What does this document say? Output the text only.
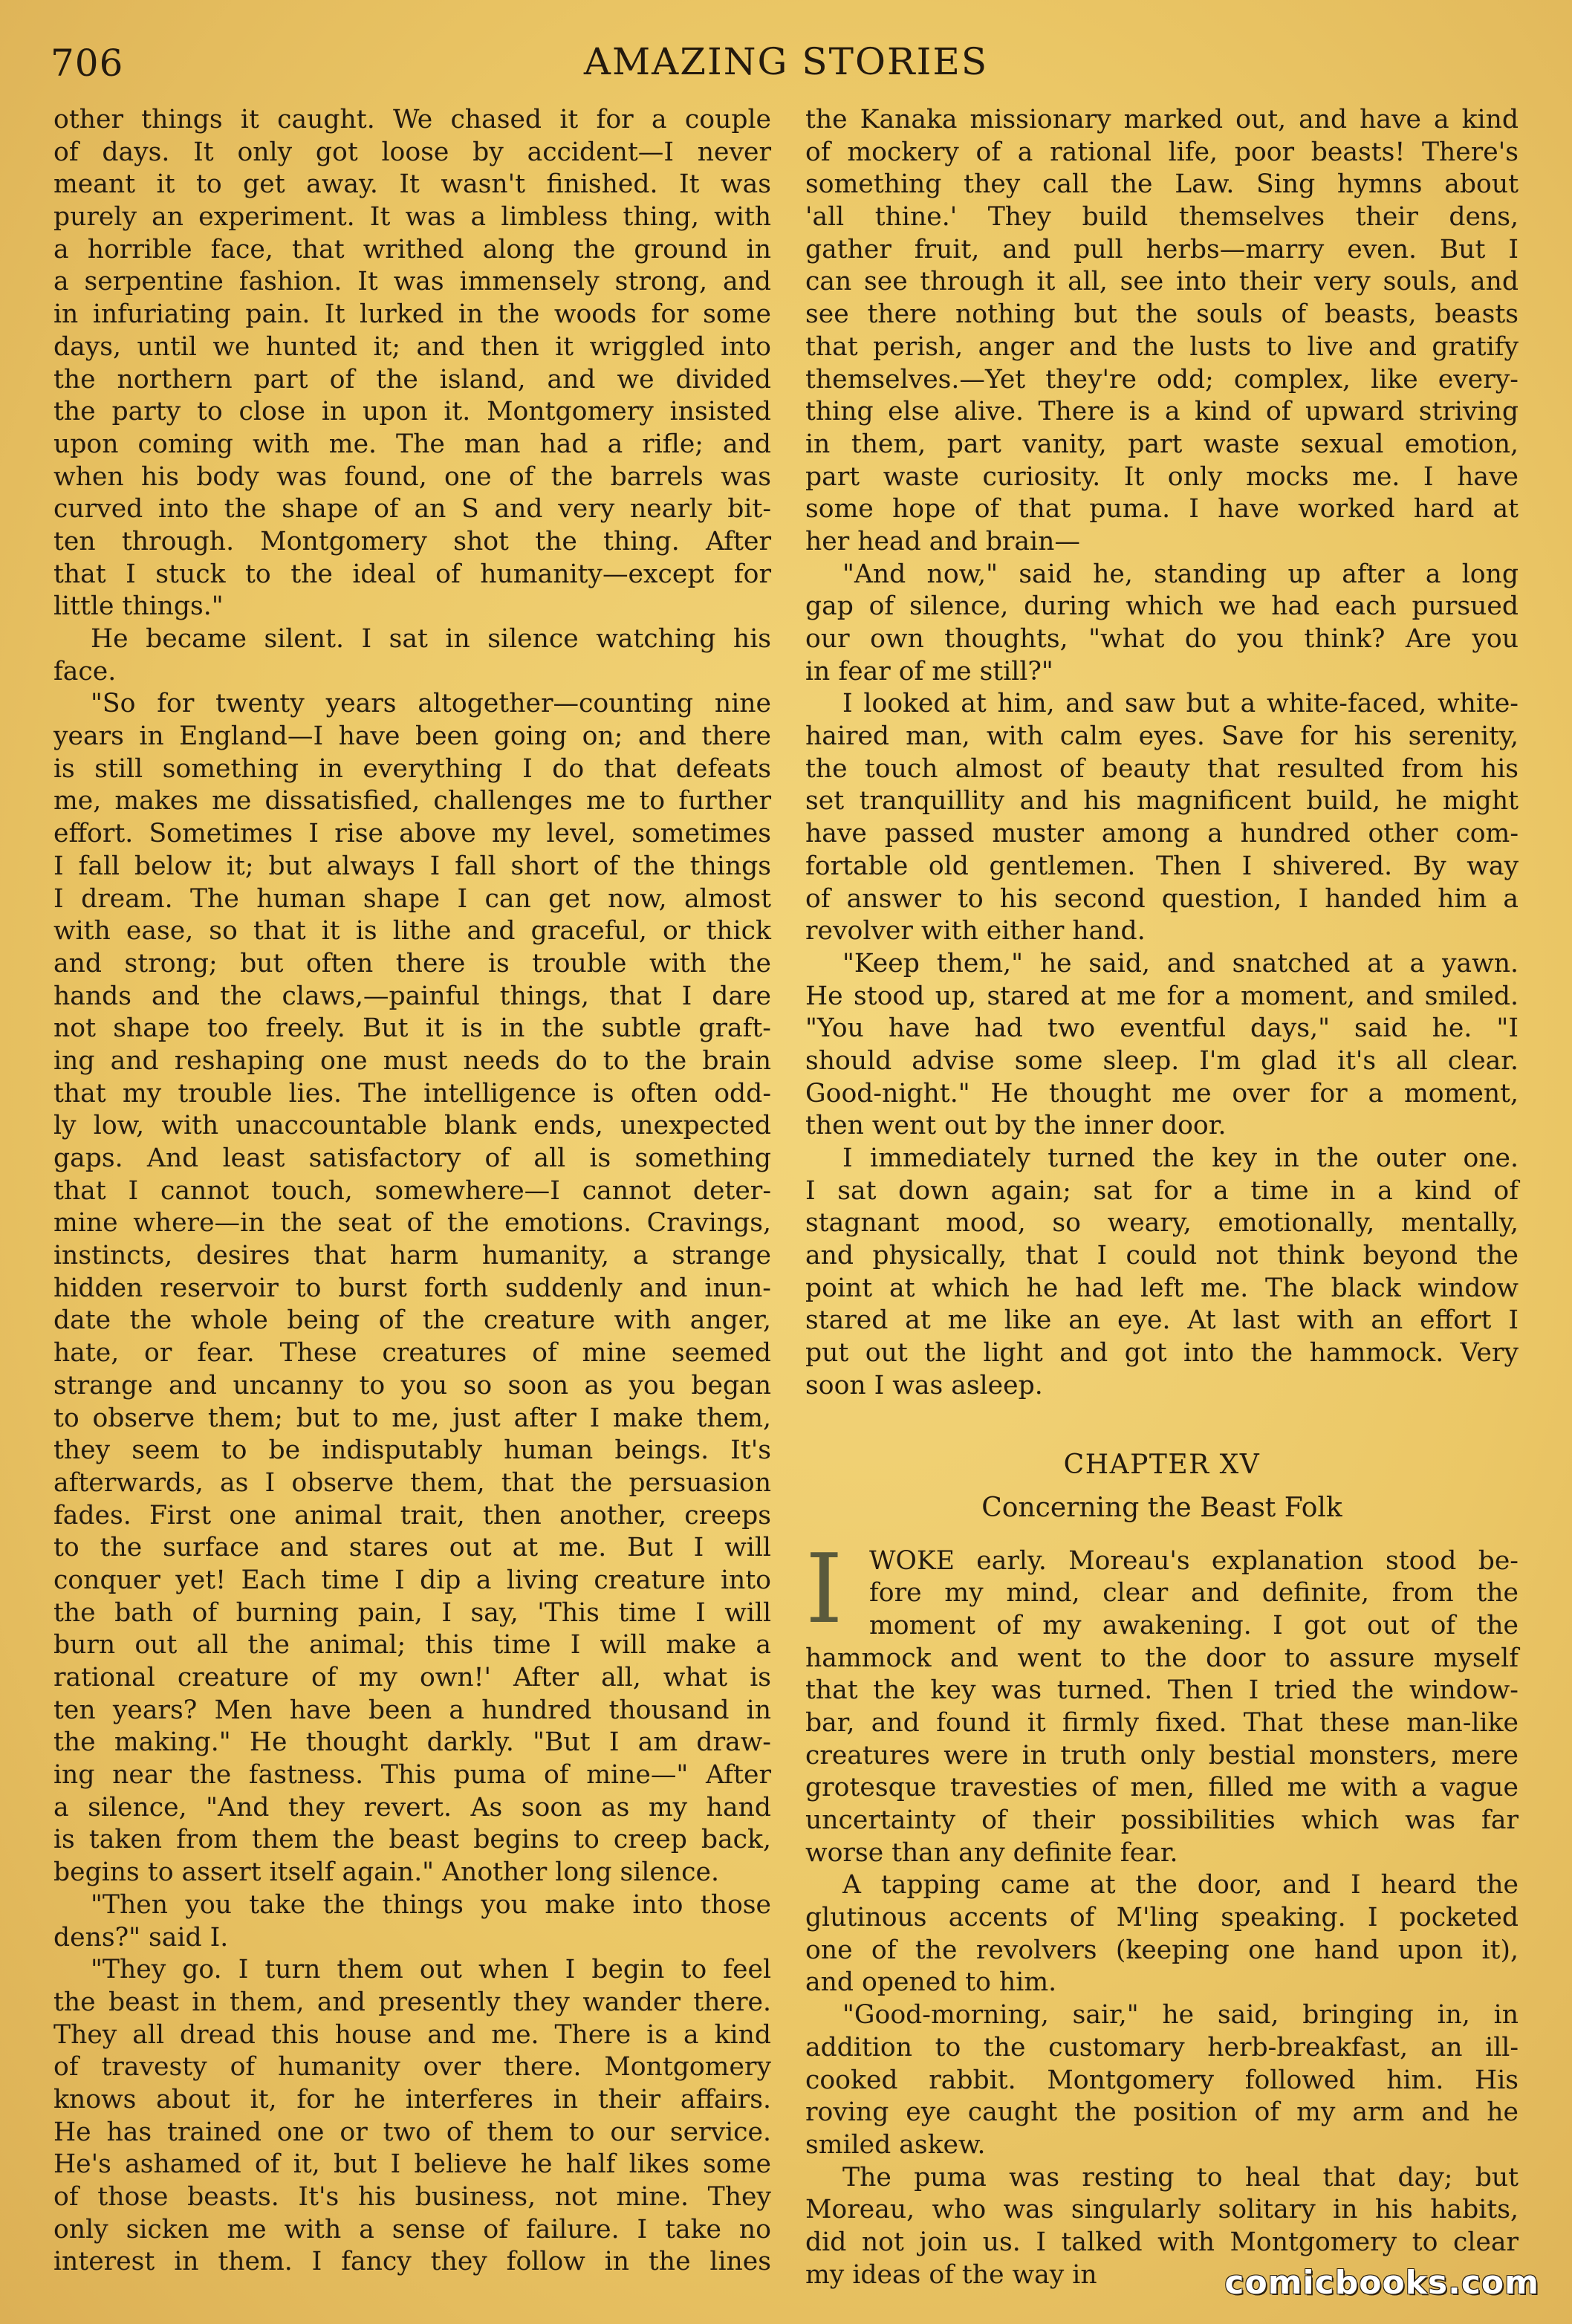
706	AMAZING STORIES
other things it caught. We chased it for a couple
of days. It only got loose by accident—I never
meant it to get away. It wasn't finished. It was
purely an experiment. It was a limbless thing, with
a horrible face, that writhed along the ground in
a serpentine fashion. It was immensely strong, and
in infuriating pain. It lurked in the woods for some
days, until we hunted it; and then it wriggled into
the northern part of the island, and we divided
the party to close in upon it. Montgomery insisted
upon coming with me. The man had a rifle; and
when his body was found, one of the barrels was
curved into the shape of an S and very nearly bit-
ten through. Montgomery shot the thing. After
that I stuck to the ideal of humanity—except for
little things."
He became silent. I sat in silence watching his
face.
"So for twenty years altogether—counting nine
years in England—I have been going on; and there
is still something in everything I do that defeats
me, makes me dissatisfied, challenges me to further
effort. Sometimes I rise above my level, sometimes
I fall below it; but always I fall short of the things
I dream. The human shape I can get now, almost
with ease, so that it is lithe and graceful, or thick
and strong; but often there is trouble with the
hands and the claws,—painful things, that I dare
not shape too freely. But it is in the subtle graft-
ing and reshaping one must needs do to the brain
that my trouble lies. The intelligence is often odd-
ly low, with unaccountable blank ends, unexpected
gaps. And least satisfactory of all is something
that I cannot touch, somewhere—I cannot deter-
mine where—in the seat of the emotions. Cravings,
instincts, desires that harm humanity, a strange
hidden reservoir to burst forth suddenly and inun-
date the whole being of the creature with anger,
hate, or fear. These creatures of mine seemed
strange and uncanny to you so soon as you began
to observe them; but to me, just after I make them,
they seem to be indisputably human beings. It's
afterwards, as I observe them, that the persuasion
fades. First one animal trait, then another, creeps
to the surface and stares out at me. But I will
conquer yet! Each time I dip a living creature into
the bath of burning pain, I say, 'This time I will
burn out all the animal; this time I will make a
rational creature of my own!' After all, what is
ten years? Men have been a hundred thousand in
the making." He thought darkly. "But I am draw-
ing near the fastness. This puma of mine—" After
a silence, "And they revert. As soon as my hand
is taken from them the beast begins to creep back,
begins to assert itself again." Another long silence.
"Then you take the things you make into those
dens?" said I.
"They go. I turn them out when I begin to feel
the beast in them, and presently they wander there.
They all dread this house and me. There is a kind
of travesty of humanity over there. Montgomery
knows about it, for he interferes in their affairs.
He has trained one or two of them to our service.
He's ashamed of it, but I believe he half likes some
of those beasts. It's his business, not mine. They
only sicken me with a sense of failure. I take no
interest in them. I fancy they follow in the lines
the Kanaka missionary marked out, and have a kind
of mockery of a rational life, poor beasts! There's
something they call the Law. Sing hymns about
'all thine.' They build themselves their dens,
gather fruit, and pull herbs—marry even. But I
can see through it all, see into their very souls, and
see there nothing but the souls of beasts, beasts
that perish, anger and the lusts to live and gratify
themselves.—Yet they're odd; complex, like every-
thing else alive. There is a kind of upward striving
in them, part vanity, part waste sexual emotion,
part waste curiosity. It only mocks me. I have
some hope of that puma. I have worked hard at
her head and brain—
"And now," said he, standing up after a long
gap of silence, during which we had each pursued
our own thoughts, "what do you think? Are you
in fear of me still?"
I looked at him, and saw but a white-faced, white-
haired man, with calm eyes. Save for his serenity,
the touch almost of beauty that resulted from his
set tranquillity and his magnificent build, he might
have passed muster among a hundred other com-
fortable old gentlemen. Then I shivered. By way
of answer to his second question, I handed him a
revolver with either hand.
"Keep them," he said, and snatched at a yawn.
He stood up, stared at me for a moment, and smiled.
"You have had two eventful days," said he. "I
should advise some sleep. I'm glad it's all clear.
Good-night." He thought me over for a moment,
then went out by the inner door.
I immediately turned the key in the outer one.
I sat down again; sat for a time in a kind of
stagnant mood, so weary, emotionally, mentally,
and physically, that I could not think beyond the
point at which he had left me. The black window
stared at me like an eye. At last with an effort I
put out the light and got into the hammock. Very
soon I was asleep.
CHAPTER XV
Concerning the Beast Folk
I	WOKE early. Moreau's explanation stood be-
fore my mind, clear and definite, from the
moment of my awakening. I got out of the
hammock and went to the door to assure myself
that the key was turned. Then I tried the window-
bar, and found it firmly fixed. That these man-like
creatures were in truth only bestial monsters, mere
grotesque travesties of men, filled me with a vague
uncertainty of their possibilities which was far
worse than any definite fear.
A tapping came at the door, and I heard the
glutinous accents of M'ling speaking. I pocketed
one of the revolvers (keeping one hand upon it),
and opened to him.
"Good-morning, sair," he said, bringing in, in
addition to the customary herb-breakfast, an ill-
cooked rabbit. Montgomery followed him. His
roving eye caught the position of my arm and he
smiled askew.
The puma was resting to heal that day; but
Moreau, who was singularly solitary in his habits,
did not join us. I talked with Montgomery to clear
my ideas of the way in	comicbooks.com
